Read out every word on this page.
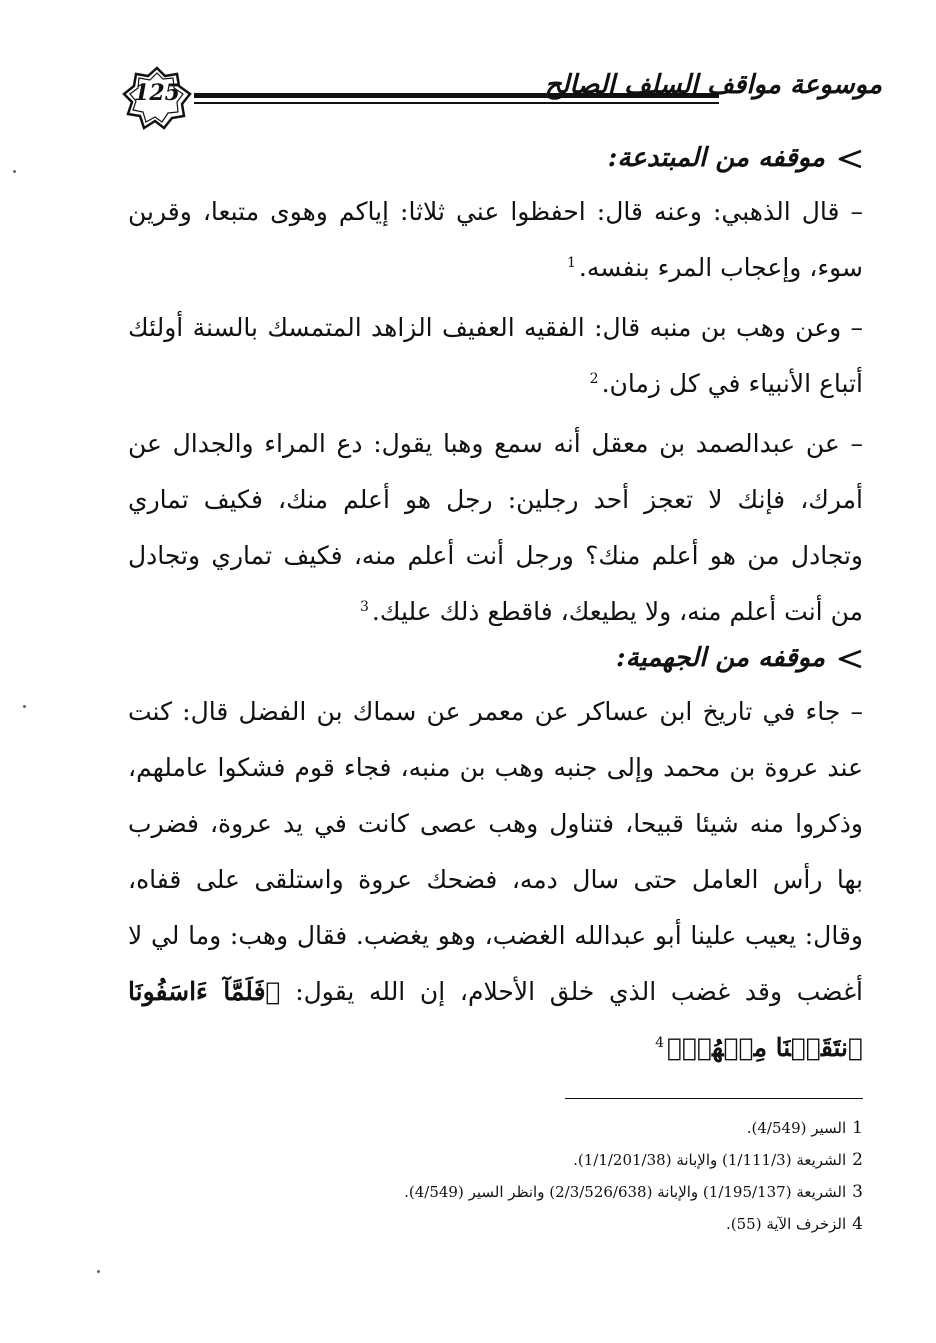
125	موسوعة مواقف السلف الصالح
موقفه من المبتدعة:

– قال الذهبي: وعنه قال: احفظوا عني ثلاثا: إياكم وهوى متبعا، وقرين سوء، وإعجاب المرء بنفسه.$^1$

– وعن وهب بن منبه قال: الفقيه العفيف الزاهد المتمسك بالسنة أولئك أتباع الأنبياء في كل زمان.$^2$

– عن عبدالصمد بن معقل أنه سمع وهبا يقول: دع المراء والجدال عن أمرك، فإنك لا تعجز أحد رجلين: رجل هو أعلم منك، فكيف تماري وتجادل من هو أعلم منك؟ ورجل أنت أعلم منه، فكيف تماري وتجادل من أنت أعلم منه، ولا يطيعك، فاقطع ذلك عليك.$^3$

موقفه من الجهمية:

– جاء في تاريخ ابن عساكر عن معمر عن سماك بن الفضل قال: كنت عند عروة بن محمد وإلى جنبه وهب بن منبه، فجاء قوم فشكوا عاملهم، وذكروا منه شيئا قبيحا، فتناول وهب عصى كانت في يد عروة، فضرب بها رأس العامل حتى سال دمه، فضحك عروة واستلقى على قفاه، وقال: يعيب علينا أبو عبدالله الغضب، وهو يغضب. فقال وهب: وما لي لا أغضب وقد غضب الذي خلق الأحلام، إن الله يقول: ﴿فَلَمَّآ ءَاسَفُونَا ٱنتَقَمۡنَا مِنۡهُمۡ﴾$^4$

1السير (4/549).

2الشريعة (1/111/3) والإبانة (1/1/201/38).

3الشريعة (1/195/137) والإبانة (2/3/526/638) وانظر السير (4/549).

4الزخرف الآية (55).
